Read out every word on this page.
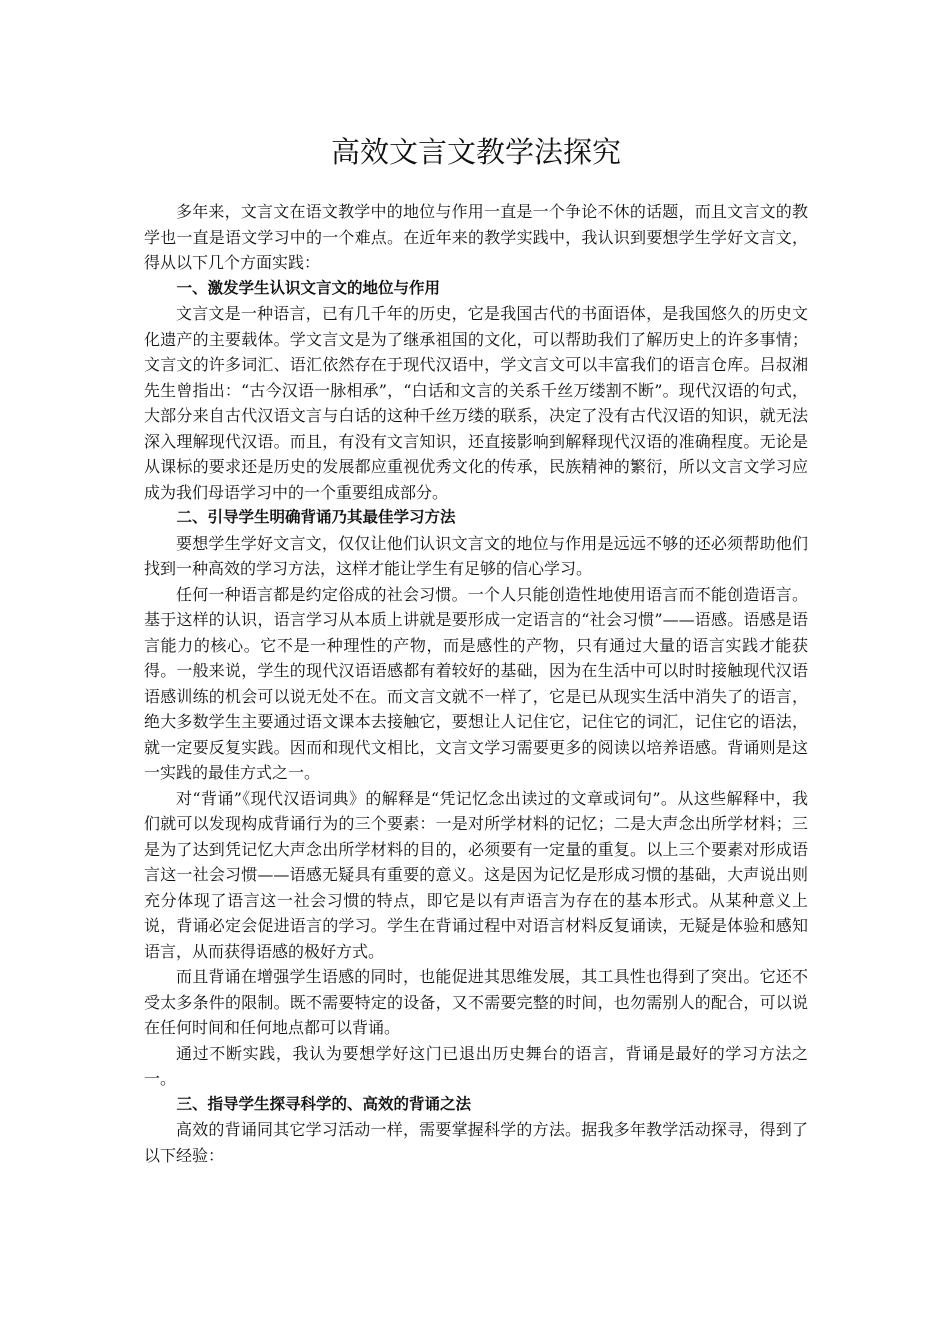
高效文言文教学法探究

多年来，文言文在语文教学中的地位与作用一直是一个争论不休的话题，而且文言文的教学也一直是语文学习中的一个难点。在近年来的教学实践中，我认识到要想学生学好文言文，得从以下几个方面实践：

一、激发学生认识文言文的地位与作用

文言文是一种语言，已有几千年的历史，它是我国古代的书面语体，是我国悠久的历史文化遗产的主要载体。学文言文是为了继承祖国的文化，可以帮助我们了解历史上的许多事情；文言文的许多词汇、语汇依然存在于现代汉语中，学文言文可以丰富我们的语言仓库。吕叔湘先生曾指出：“古今汉语一脉相承”，“白话和文言的关系千丝万缕割不断”。现代汉语的句式，大部分来自古代汉语文言与白话的这种千丝万缕的联系，决定了没有古代汉语的知识，就无法深入理解现代汉语。而且，有没有文言知识，还直接影响到解释现代汉语的准确程度。无论是从课标的要求还是历史的发展都应重视优秀文化的传承，民族精神的繁衍，所以文言文学习应成为我们母语学习中的一个重要组成部分。

二、引导学生明确背诵乃其最佳学习方法

要想学生学好文言文，仅仅让他们认识文言文的地位与作用是远远不够的还必须帮助他们找到一种高效的学习方法，这样才能让学生有足够的信心学习。

任何一种语言都是约定俗成的社会习惯。一个人只能创造性地使用语言而不能创造语言。基于这样的认识，语言学习从本质上讲就是要形成一定语言的“社会习惯”——语感。语感是语言能力的核心。它不是一种理性的产物，而是感性的产物，只有通过大量的语言实践才能获得。一般来说，学生的现代汉语语感都有着较好的基础，因为在生活中可以时时接触现代汉语语感训练的机会可以说无处不在。而文言文就不一样了，它是已从现实生活中消失了的语言，绝大多数学生主要通过语文课本去接触它，要想让人记住它，记住它的词汇，记住它的语法，就一定要反复实践。因而和现代文相比，文言文学习需要更多的阅读以培养语感。背诵则是这一实践的最佳方式之一。

对“背诵”《现代汉语词典》的解释是“凭记忆念出读过的文章或词句”。从这些解释中，我们就可以发现构成背诵行为的三个要素：一是对所学材料的记忆；二是大声念出所学材料；三是为了达到凭记忆大声念出所学材料的目的，必须要有一定量的重复。以上三个要素对形成语言这一社会习惯——语感无疑具有重要的意义。这是因为记忆是形成习惯的基础，大声说出则充分体现了语言这一社会习惯的特点，即它是以有声语言为存在的基本形式。从某种意义上说，背诵必定会促进语言的学习。学生在背诵过程中对语言材料反复诵读，无疑是体验和感知语言，从而获得语感的极好方式。

而且背诵在增强学生语感的同时，也能促进其思维发展，其工具性也得到了突出。它还不受太多条件的限制。既不需要特定的设备，又不需要完整的时间，也勿需别人的配合，可以说在任何时间和任何地点都可以背诵。

通过不断实践，我认为要想学好这门已退出历史舞台的语言，背诵是最好的学习方法之一。

三、指导学生探寻科学的、高效的背诵之法

高效的背诵同其它学习活动一样，需要掌握科学的方法。据我多年教学活动探寻，得到了以下经验：
